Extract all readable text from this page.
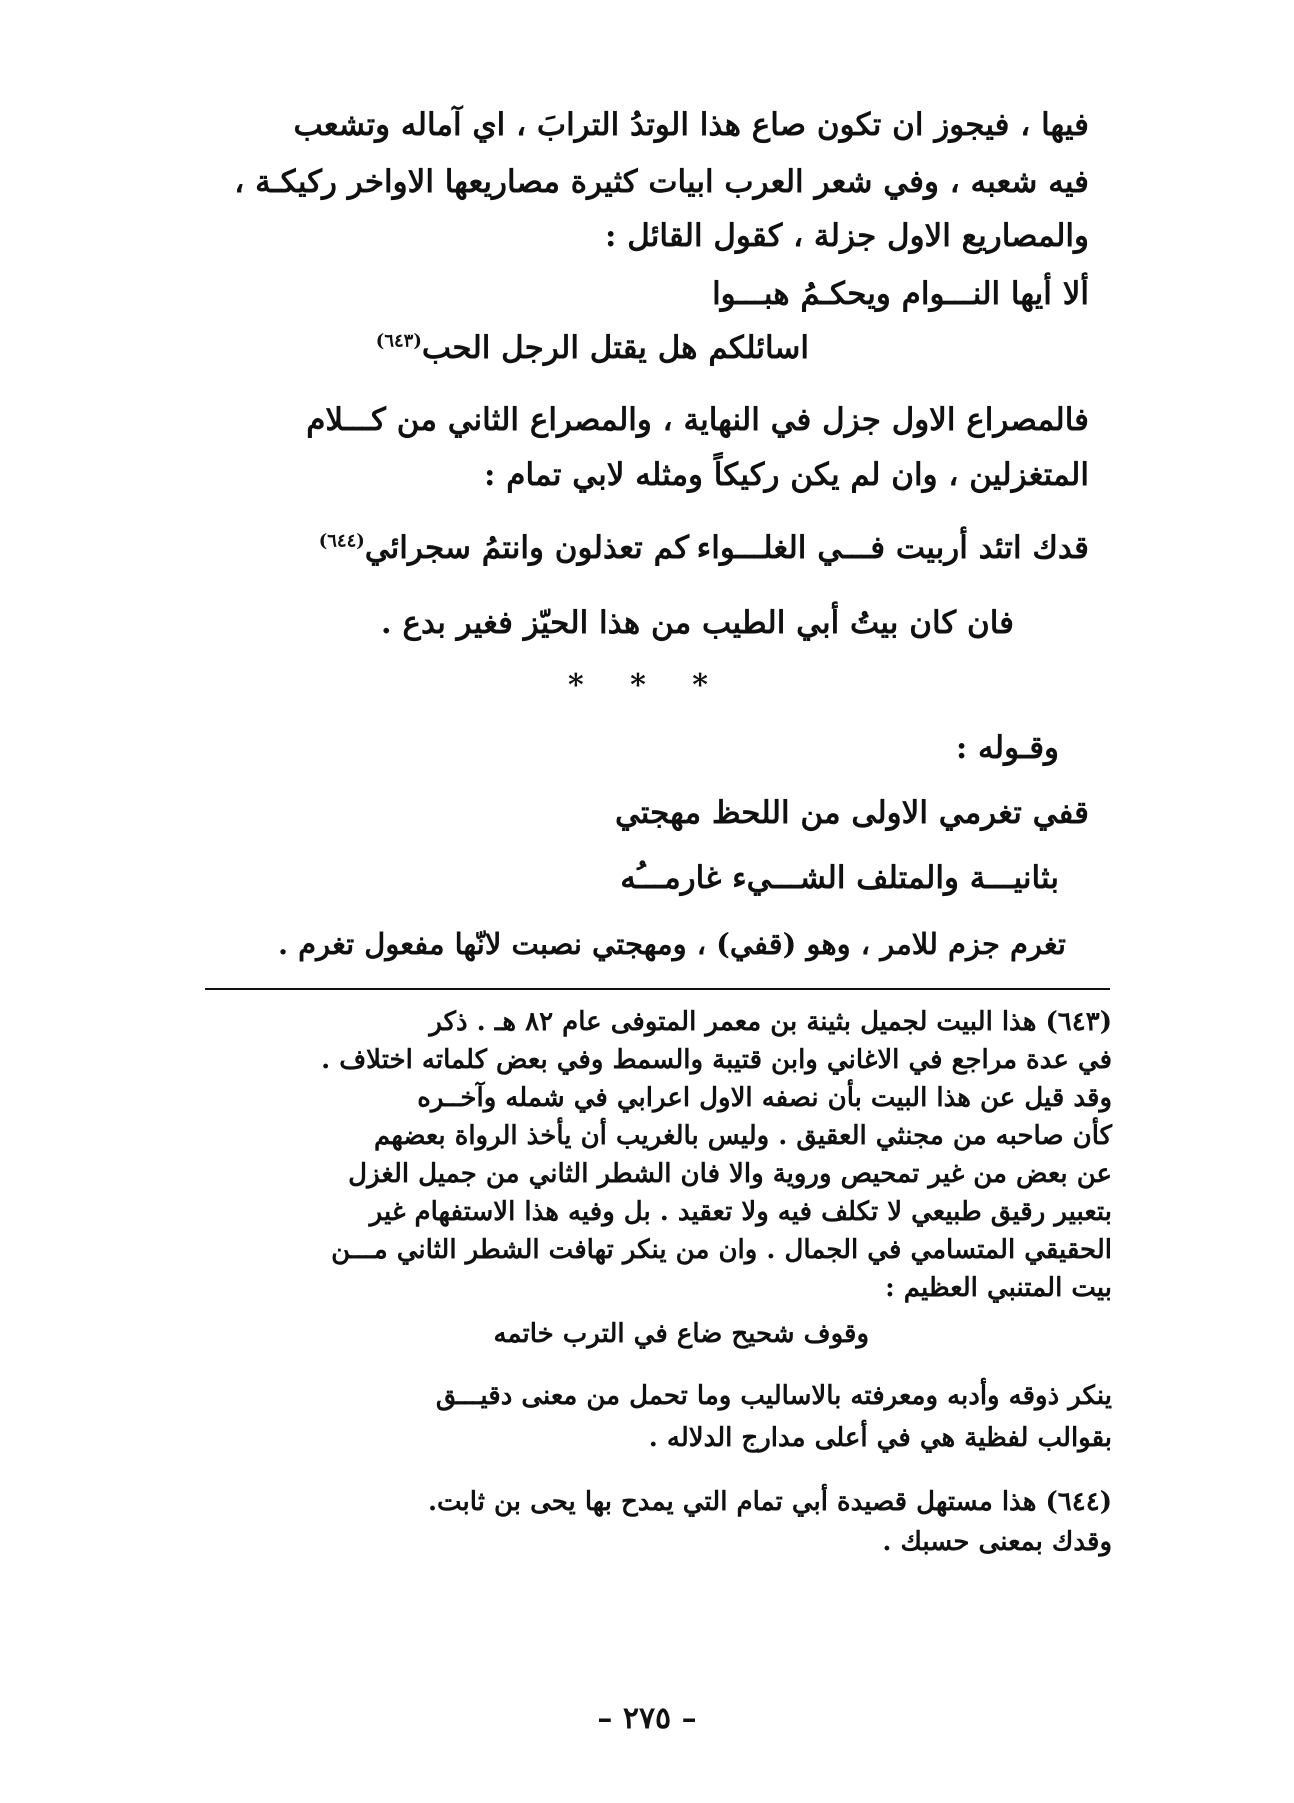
فيها ، فيجوز ان تكون صاع هذا الوتدُ الترابَ ، اي آماله وتشعب
فيه شعبه ، وفي شعر العرب ابيات كثيرة مصاريعها الاواخر ركيكـة ،
والمصاريع الاول جزلة ، كقول القائل :
ألا أيها النـــوام ويحكـمُ هبـــوا
اسائلكم هل يقتل الرجل الحب$^{(٦٤٣)}$
فالمصراع الاول جزل في النهاية ، والمصراع الثاني من كـــلام
المتغزلين ، وان لم يكن ركيكاً ومثله لابي تمام :
قدك اتئد أربيت فـــي الغلـــواء
كم تعذلون وانتمُ سجرائي$^{(٦٤٤)}$
فان كان بيتُ أبي الطيب من هذا الحيّز فغير بدع .
* * *
وقـوله :
قفي تغرمي الاولى من اللحظ مهجتي
بثانيـــة والمتلف الشـــيء غارمـــُه
تغرم جزم للامر ، وهو (قفي) ، ومهجتي نصبت لانّها مفعول تغرم .
(٦٤٣) هذا البيت لجميل بثينة بن معمر المتوفى عام ٨٢ هـ . ذكر
في عدة مراجع في الاغاني وابن قتيبة والسمط وفي بعض كلماته اختلاف .
وقد قيل عن هذا البيت بأن نصفه الاول اعرابي في شمله وآخــره
كأن صاحبه من مجنثي العقيق . وليس بالغريب أن يأخذ الرواة بعضهم
عن بعض من غير تمحيص وروية والا فان الشطر الثاني من جميل الغزل
بتعبير رقيق طبيعي لا تكلف فيه ولا تعقيد . بل وفيه هذا الاستفهام غير
الحقيقي المتسامي في الجمال . وان من ينكر تهافت الشطر الثاني مـــن
بيت المتنبي العظيم :
وقوف شحيح ضاع في الترب خاتمه
ينكر ذوقه وأدبه ومعرفته بالاساليب وما تحمل من معنى دقيـــق
بقوالب لفظية هي في أعلى مدارج الدلاله .
(٦٤٤) هذا مستهل قصيدة أبي تمام التي يمدح بها يحى بن ثابت.
وقدك بمعنى حسبك .
– ٢٧٥ –
